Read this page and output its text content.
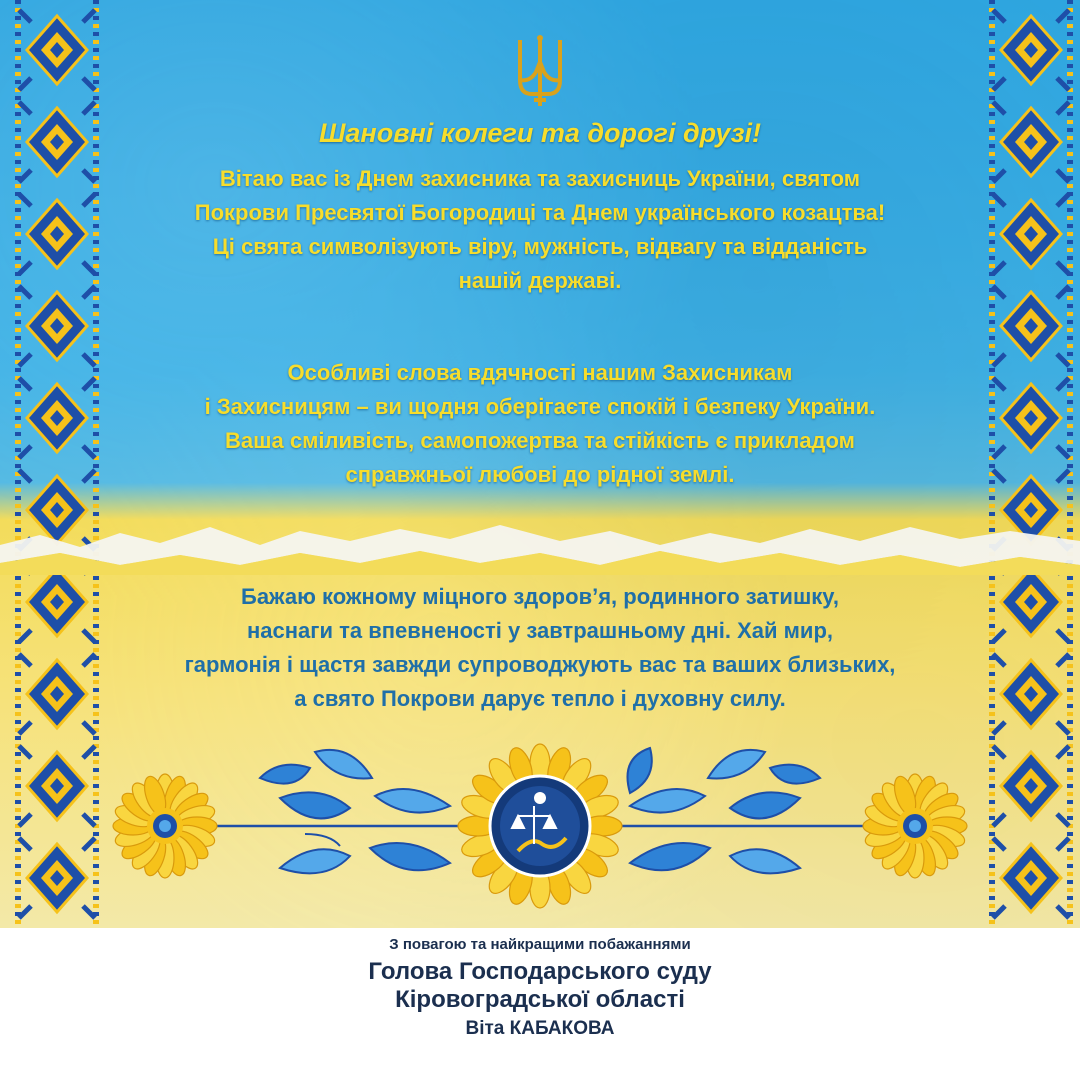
Шановні колеги та дорогі друзі!
Вітаю вас із Днем захисника та захисниць України, святом
Покрови Пресвятої Богородиці та Днем українського козацтва!
Ці свята символізують віру, мужність, відвагу та відданість
нашій державі.
Особливі слова вдячності нашим Захисникам
і Захисницям – ви щодня оберігаєте спокій і безпеку України.
Ваша сміливість, самопожертва та стійкість є прикладом
справжньої любові до рідної землі.
Бажаю кожному міцного здоров’я, родинного затишку,
наснаги та впевненості у завтрашньому дні. Хай мир,
гармонія і щастя завжди супроводжують вас та ваших близьких,
а свято Покрови дарує тепло і духовну силу.
З повагою та найкращими побажаннями
Голова Господарського суду
Кіровоградської області
Віта КАБАКОВА
